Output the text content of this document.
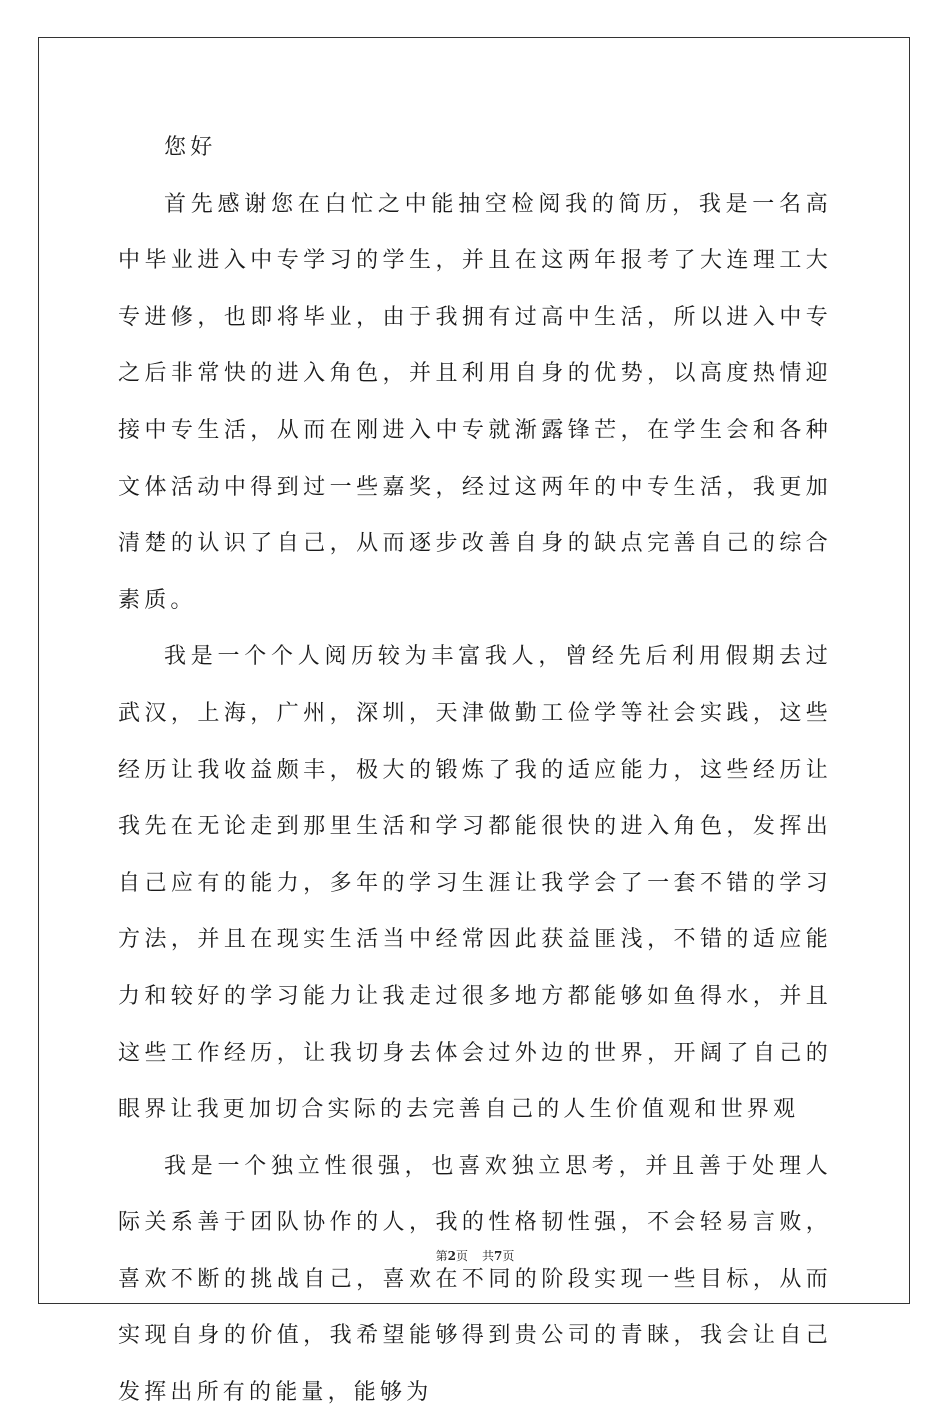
您好

首先感谢您在白忙之中能抽空检阅我的简历，我是一名高中毕业进入中专学习的学生，并且在这两年报考了大连理工大专进修，也即将毕业，由于我拥有过高中生活，所以进入中专之后非常快的进入角色，并且利用自身的优势，以高度热情迎接中专生活，从而在刚进入中专就渐露锋芒，在学生会和各种文体活动中得到过一些嘉奖，经过这两年的中专生活，我更加清楚的认识了自己，从而逐步改善自身的缺点完善自己的综合素质。

我是一个个人阅历较为丰富我人，曾经先后利用假期去过武汉，上海，广州，深圳，天津做勤工俭学等社会实践，这些经历让我收益颇丰，极大的锻炼了我的适应能力，这些经历让我先在无论走到那里生活和学习都能很快的进入角色，发挥出自己应有的能力，多年的学习生涯让我学会了一套不错的学习方法，并且在现实生活当中经常因此获益匪浅，不错的适应能力和较好的学习能力让我走过很多地方都能够如鱼得水，并且这些工作经历，让我切身去体会过外边的世界，开阔了自己的眼界让我更加切合实际的去完善自己的人生价值观和世界观

我是一个独立性很强，也喜欢独立思考，并且善于处理人际关系善于团队协作的人，我的性格韧性强，不会轻易言败，喜欢不断的挑战自己，喜欢在不同的阶段实现一些目标，从而实现自身的价值，我希望能够得到贵公司的青睐，我会让自己发挥出所有的能量，能够为

第2页 共7页
